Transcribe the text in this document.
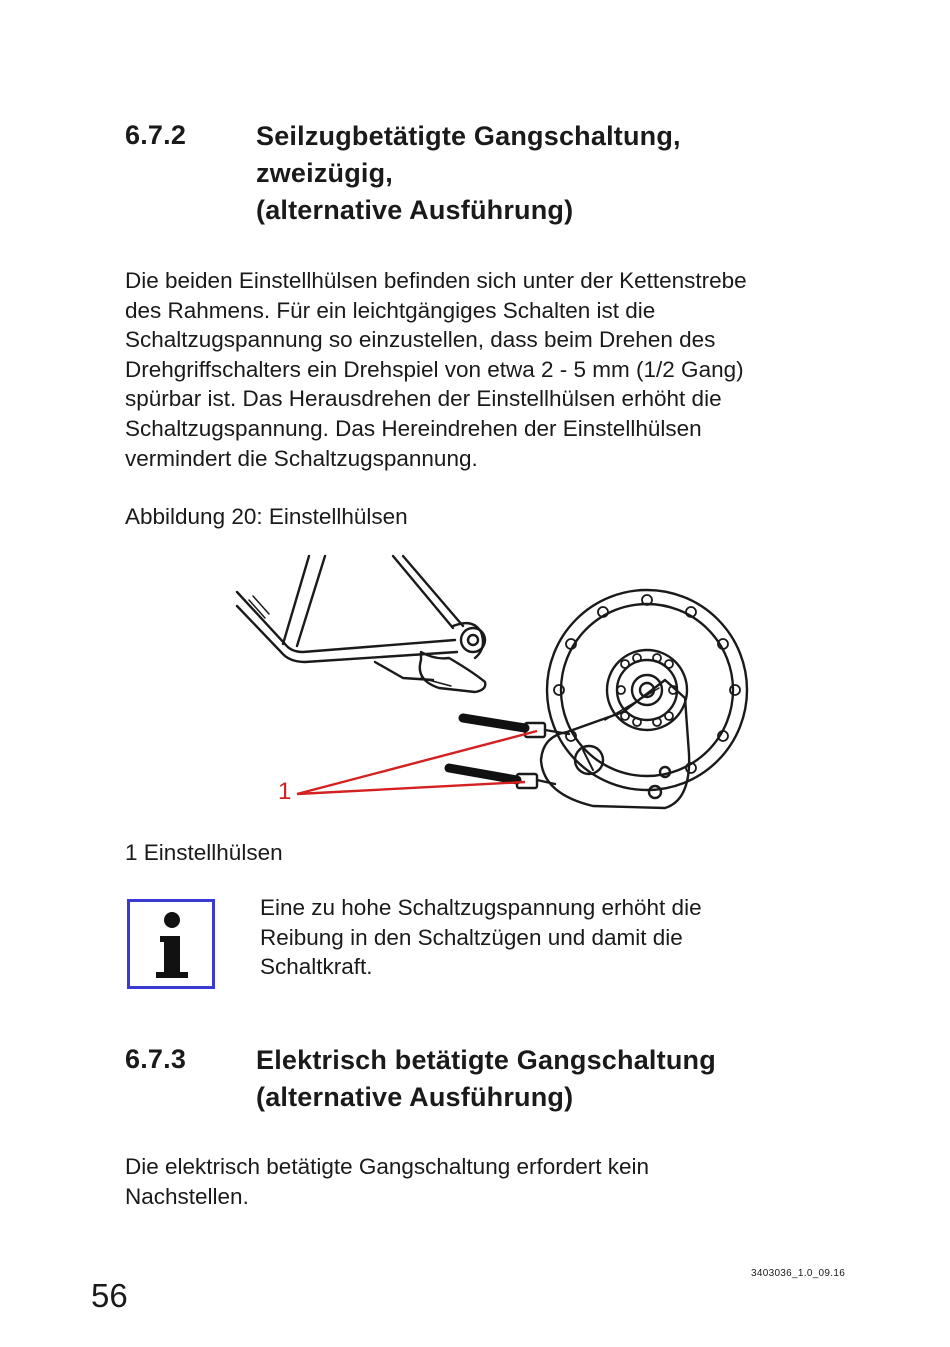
6.7.2	Seilzugbetätigte Gangschaltung,
zweizügig,
(alternative Ausführung)
Die beiden Einstellhülsen befinden sich unter der Kettenstrebe
des Rahmens. Für ein leichtgängiges Schalten ist die
Schaltzugspannung so einzustellen, dass beim Drehen des
Drehgriffschalters ein Drehspiel von etwa 2 - 5 mm (1/2 Gang)
spürbar ist. Das Herausdrehen der Einstellhülsen erhöht die
Schaltzugspannung. Das Hereindrehen der Einstellhülsen
vermindert die Schaltzugspannung.
Abbildung 20: Einstellhülsen
1
1 Einstellhülsen
Eine zu hohe Schaltzugspannung erhöht die
Reibung in den Schaltzügen und damit die
Schaltkraft.
6.7.3	Elektrisch betätigte Gangschaltung
(alternative Ausführung)
Die elektrisch betätigte Gangschaltung erfordert kein
Nachstellen.
56
3403036_1.0_09.16
